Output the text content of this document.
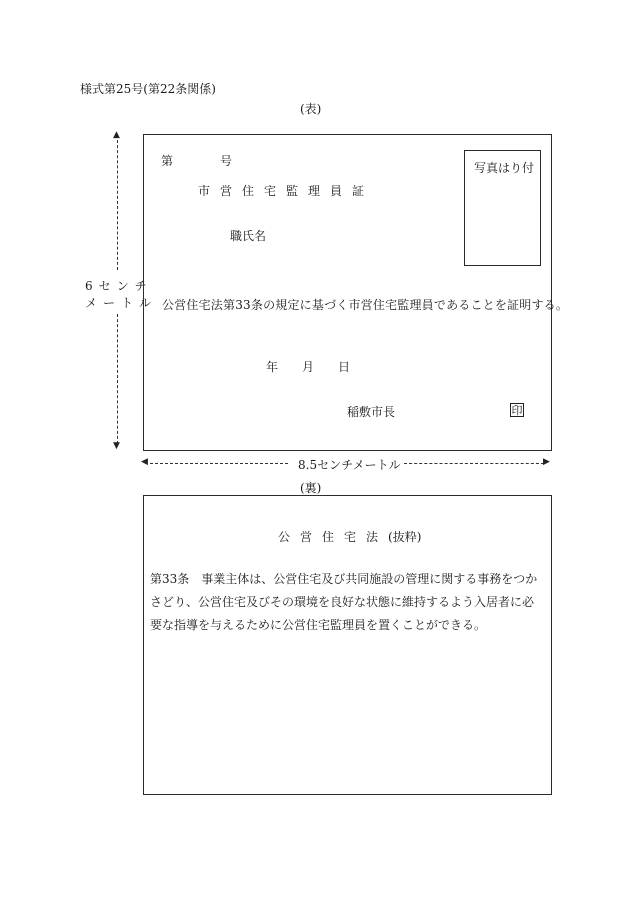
様式第25号(第22条関係)
(表)
▲
6センチ
メートル
▼
第	号
市営住宅監理員証
職氏名
写真はり付
公営住宅法第33条の規定に基づく市営住宅監理員であることを証明する。
年 月 日
稲敷市長	印
◀	8.5センチメートル	▶
(裏)
公営住宅法(抜粋)
第33条 事業主体は、公営住宅及び共同施設の管理に関する事務をつかさどり、公営住宅及びその環境を良好な状態に維持するよう入居者に必要な指導を与えるために公営住宅監理員を置くことができる。
